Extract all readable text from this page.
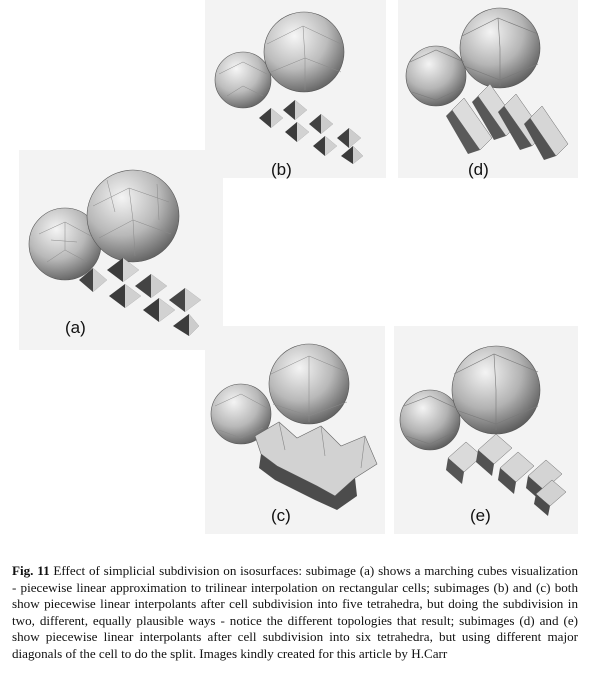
(a)
(b)	(d)
(c)	(e)
Fig. 11 Effect of simplicial subdivision on isosurfaces: subimage (a) shows a marching cubes visualization - piecewise linear approximation to trilinear interpolation on rectangular cells; subimages (b) and (c) both show piecewise linear interpolants after cell subdivision into five tetrahedra, but doing the subdivision in two, different, equally plausible ways - notice the different topologies that result; subimages (d) and (e) show piecewise linear interpolants after cell subdivision into six tetrahedra, but using different major diagonals of the cell to do the split. Images kindly created for this article by H.Carr
